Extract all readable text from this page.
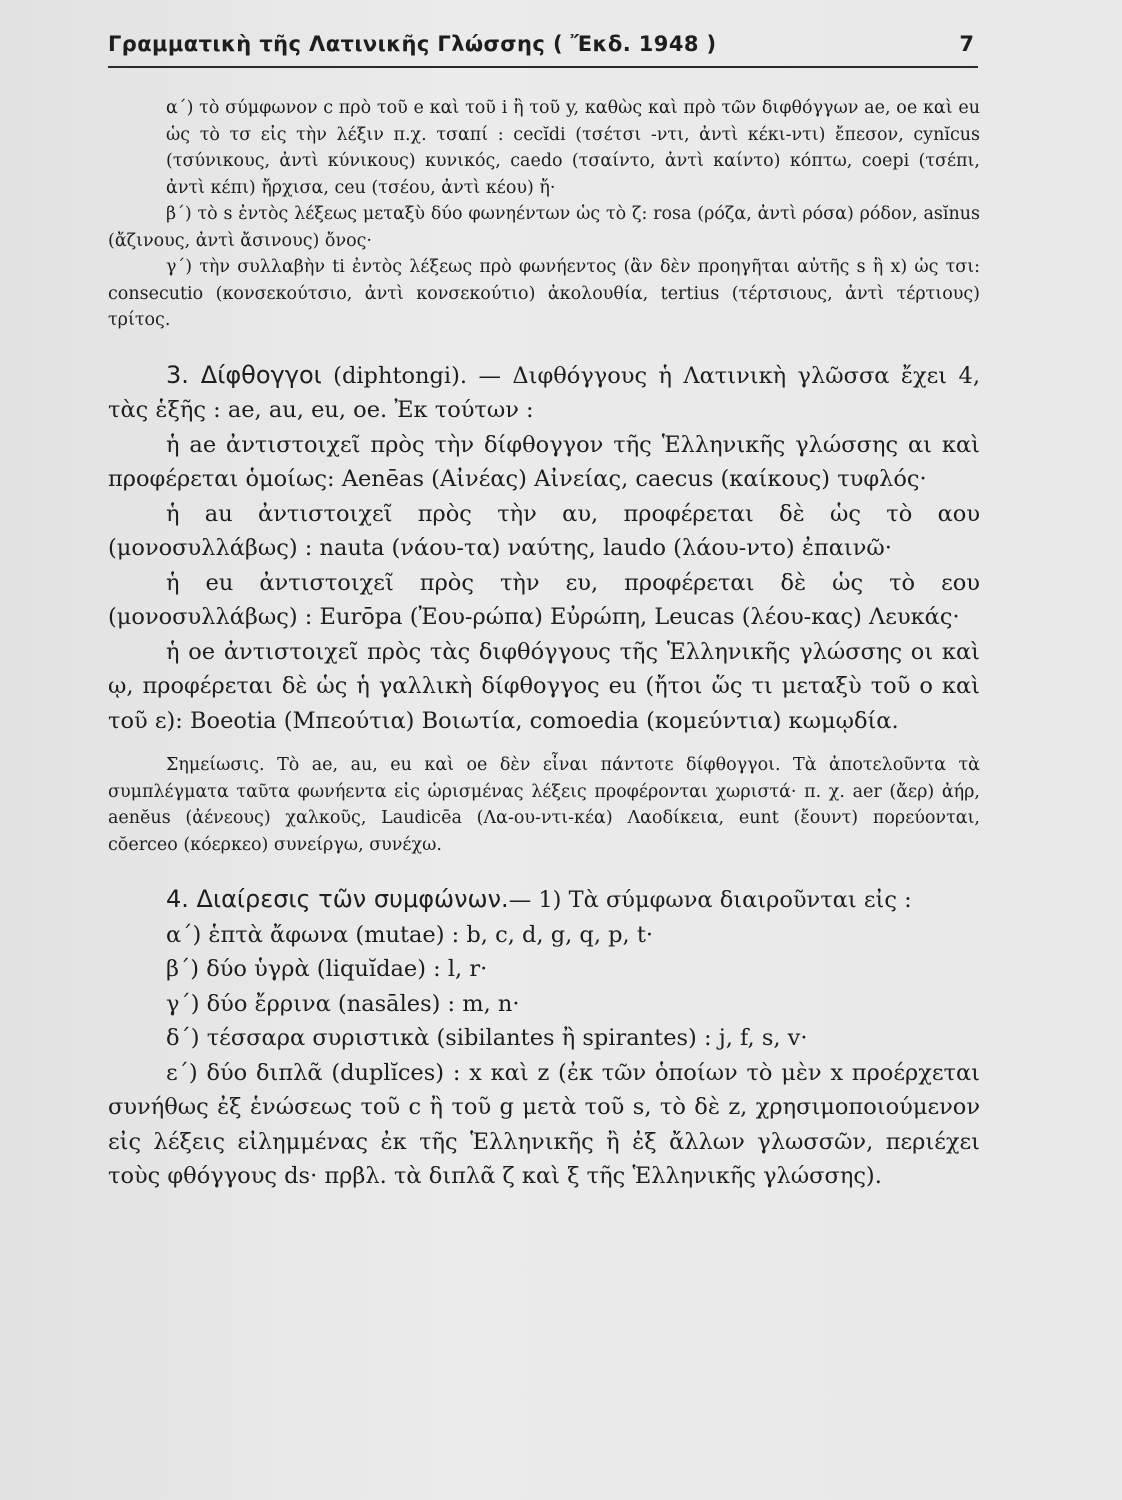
Γραμματικὴ τῆς Λατινικῆς Γλώσσης ( Ἔκδ. 1948 )	7

α΄) τὸ σύμφωνον c πρὸ τοῦ e καὶ τοῦ i ἢ τοῦ y, καθὼς καὶ πρὸ τῶν διφθόγγων ae, oe καὶ eu ὡς τὸ τσ εἰς τὴν λέξιν π.χ. τσαπί : cecĭdi (τσέτσι -ντι, ἀντὶ κέκι-ντι) ἔπεσον, cynĭcus (τσύνικους, ἀντὶ κύνικους) κυνικός, caedo (τσαίντο, ἀντὶ καίντο) κόπτω, coepi (τσέπι, ἀντὶ κέπι) ἤρχισα, ceu (τσέου, ἀντὶ κέου) ἤ·

β΄) τὸ s ἐντὸς λέξεως μεταξὺ δύο φωνηέντων ὡς τὸ ζ: rosa (ρόζα, ἀντὶ ρόσα) ρόδον, asĭnus (ἄζινους, ἀντὶ ἄσινους) ὄνος·

γ΄) τὴν συλλαβὴν ti ἐντὸς λέξεως πρὸ φωνήεντος (ἂν δὲν προηγῆται αὐτῆς s ἢ x) ὡς τσι: consecutio (κονσεκούτσιο, ἀντὶ κονσεκούτιο) ἀκολουθία, tertius (τέρτσιους, ἀντὶ τέρτιους) τρίτος.

3. Δίφθογγοι (diphtongi). — Διφθόγγους ἡ Λατινικὴ γλῶσσα ἔχει 4, τὰς ἑξῆς : ae, au, eu, oe. Ἐκ τούτων :

ἡ ae ἀντιστοιχεῖ πρὸς τὴν δίφθογγον τῆς Ἑλληνικῆς γλώσσης αι καὶ προφέρεται ὁμοίως: Aenēas (Αἰνέας) Αἰνείας, caecus (καίκους) τυφλός·

ἡ au ἀντιστοιχεῖ πρὸς τὴν αυ, προφέρεται δὲ ὡς τὸ αου (μονοσυλλάβως) : nauta (νάου-τα) ναύτης, laudo (λάου-ντο) ἐπαινῶ·

ἡ eu ἀντιστοιχεῖ πρὸς τὴν ευ, προφέρεται δὲ ὡς τὸ εου (μονοσυλλάβως) : Eurōpa (Ἐου-ρώπα) Εὐρώπη, Leucas (λέου-κας) Λευκάς·

ἡ oe ἀντιστοιχεῖ πρὸς τὰς διφθόγγους τῆς Ἑλληνικῆς γλώσσης οι καὶ ῳ, προφέρεται δὲ ὡς ἡ γαλλικὴ δίφθογγος eu (ἤτοι ὥς τι μεταξὺ τοῦ ο καὶ τοῦ ε): Boeotia (Μπεούτια) Βοιωτία, comoedia (κομεύντια) κωμῳδία.

Σημείωσις. Τὸ ae, au, eu καὶ oe δὲν εἶναι πάντοτε δίφθογγοι. Τὰ ἀποτελοῦντα τὰ συμπλέγματα ταῦτα φωνήεντα εἰς ὡρισμένας λέξεις προφέρονται χωριστά· π. χ. aer (ἄερ) ἀήρ, aenĕus (ἀένεους) χαλκοῦς, Laudicēa (Λα-ου-ντι-κέα) Λαοδίκεια, eunt (ἔουντ) πορεύονται, cŏerceo (κόερκεο) συνείργω, συνέχω.

4. Διαίρεσις τῶν συμφώνων.— 1) Τὰ σύμφωνα διαιροῦνται εἰς :

α΄) ἑπτὰ ἄφωνα (mutae) : b, c, d, g, q, p, t·

β΄) δύο ὑγρὰ (liquĭdae) : l, r·

γ΄) δύο ἔρρινα (nasāles) : m, n·

δ΄) τέσσαρα συριστικὰ (sibilantes ἢ spirantes) : j, f, s, v·

ε΄) δύο διπλᾶ (duplĭces) : x καὶ z (ἐκ τῶν ὁποίων τὸ μὲν x προέρχεται συνήθως ἐξ ἑνώσεως τοῦ c ἢ τοῦ g μετὰ τοῦ s, τὸ δὲ z, χρησιμοποιούμενον εἰς λέξεις εἰλημμένας ἐκ τῆς Ἑλληνικῆς ἢ ἐξ ἄλλων γλωσσῶν, περιέχει τοὺς φθόγγους ds· πρβλ. τὰ διπλᾶ ζ καὶ ξ τῆς Ἑλληνικῆς γλώσσης).
